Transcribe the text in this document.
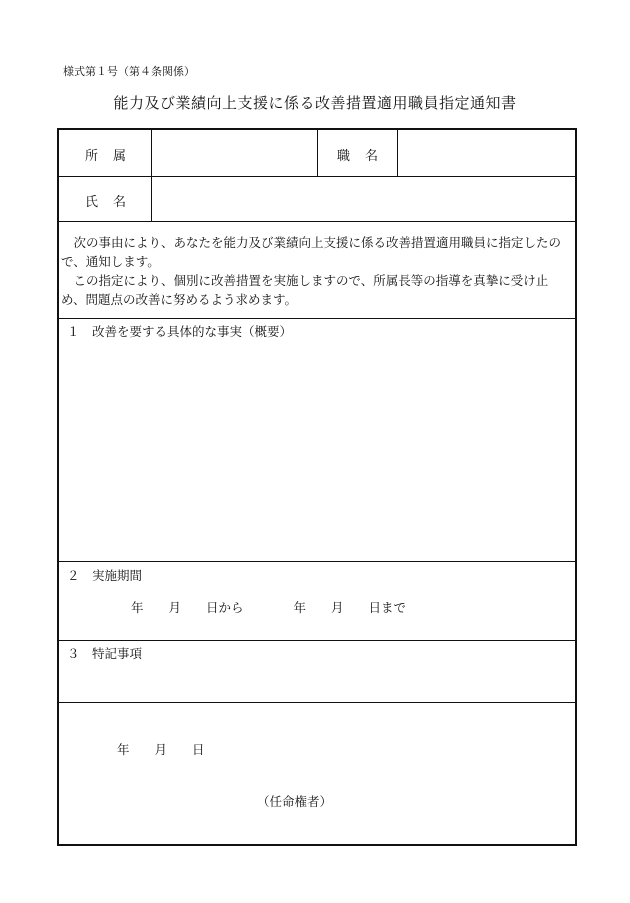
様式第１号（第４条関係）
能力及び業績向上支援に係る改善措置適用職員指定通知書
所　属	職　名
氏　名

次の事由により、あなたを能力及び業績向上支援に係る改善措置適用職員に指定したので、通知します。

この指定により、個別に改善措置を実施しますので、所属長等の指導を真摯に受け止め、問題点の改善に努めるよう求めます。

１　改善を要する具体的な事実（概要）
２　実施期間
年　　月　　日から　　　　年　　月　　日まで
３　特記事項
年　　月　　日
（任命権者）
